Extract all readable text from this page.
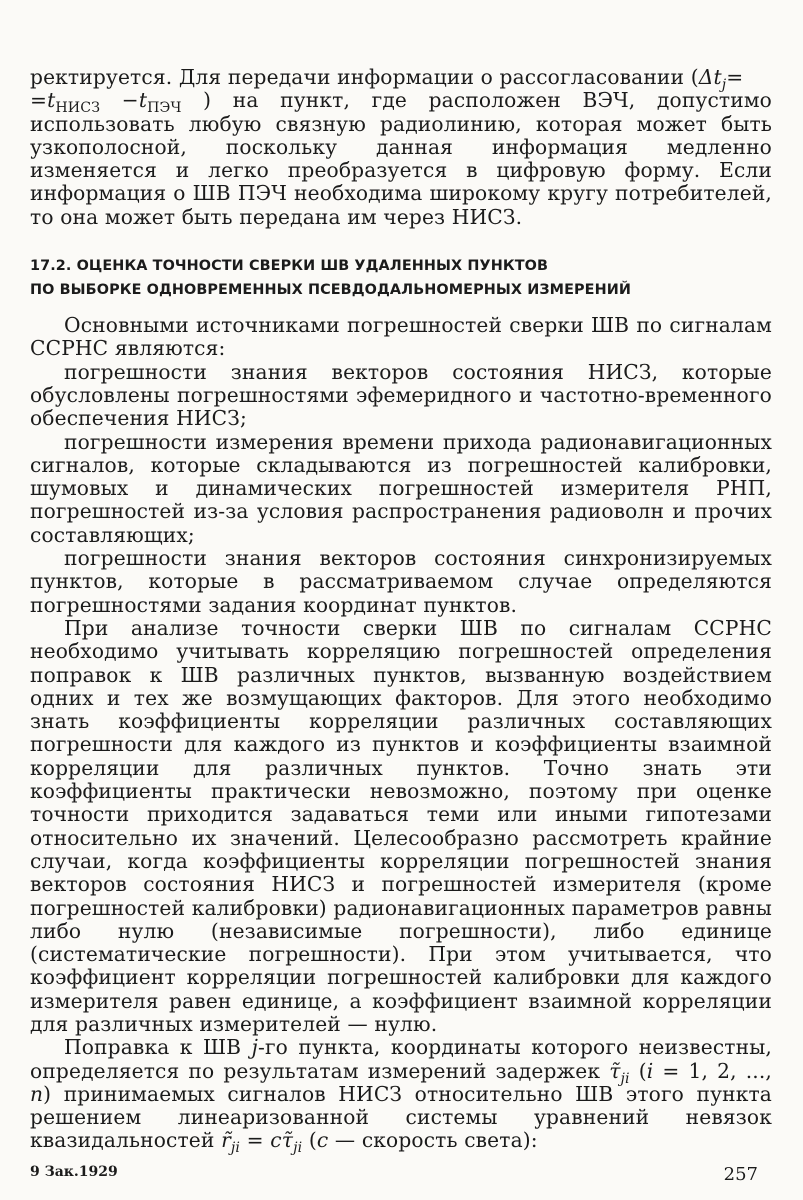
ректируется. Для передачи информации о рассогласовании ($\Delta t_j=$
$=t_{НИСЗ} -t_{ПЭЧ}$ ) на пункт, где расположен ВЭЧ, допустимо использовать любую связную радиолинию, которая может быть узкополосной, поскольку данная информация медленно изменяется и легко преобразуется в цифровую форму. Если информация о ШВ ПЭЧ необходима широкому кругу потребителей, то она может быть передана им через НИСЗ.

17.2. ОЦЕНКА ТОЧНОСТИ СВЕРКИ ШВ УДАЛЕННЫХ ПУНКТОВ
ПО ВЫБОРКЕ ОДНОВРЕМЕННЫХ ПСЕВДОДАЛЬНОМЕРНЫХ ИЗМЕРЕНИЙ

Основными источниками погрешностей сверки ШВ по сигналам ССРНС являются:

погрешности знания векторов состояния НИСЗ, которые обусловлены погрешностями эфемеридного и частотно-временного обеспечения НИСЗ;

погрешности измерения времени прихода радионавигационных сигналов, которые складываются из погрешностей калибровки, шумовых и динамических погрешностей измерителя РНП, погрешностей из-за условия распространения радиоволн и прочих составляющих;

погрешности знания векторов состояния синхронизируемых пунктов, которые в рассматриваемом случае определяются погрешностями задания координат пунктов.

При анализе точности сверки ШВ по сигналам ССРНС необходимо учитывать корреляцию погрешностей определения поправок к ШВ различных пунктов, вызванную воздействием одних и тех же возмущающих факторов. Для этого необходимо знать коэффициенты корреляции различных составляющих погрешности для каждого из пунктов и коэффициенты взаимной корреляции для различных пунктов. Точно знать эти коэффициенты практически невозможно, поэтому при оценке точности приходится задаваться теми или иными гипотезами относительно их значений. Целесообразно рассмотреть крайние случаи, когда коэффициенты корреляции погрешностей знания векторов состояния НИСЗ и погрешностей измерителя (кроме погрешностей калибровки) радионавигационных параметров равны либо нулю (независимые погрешности), либо единице (систематические погрешности). При этом учитывается, что коэффициент корреляции погрешностей калибровки для каждого измерителя равен единице, а коэффициент взаимной корреляции для различных измерителей — нулю.

Поправка к ШВ j-го пункта, координаты которого неизвестны, определяется по результатам измерений задержек $\taũ_{ji}$ (i = 1, 2, ..., n) принимаемых сигналов НИСЗ относительно ШВ этого пункта решением линеаризованной системы уравнений невязок квазидальностей $r̃_{ji}$ = $c\taũ_{ji}$ (c — скорость света):

9 Зак.1929	257
